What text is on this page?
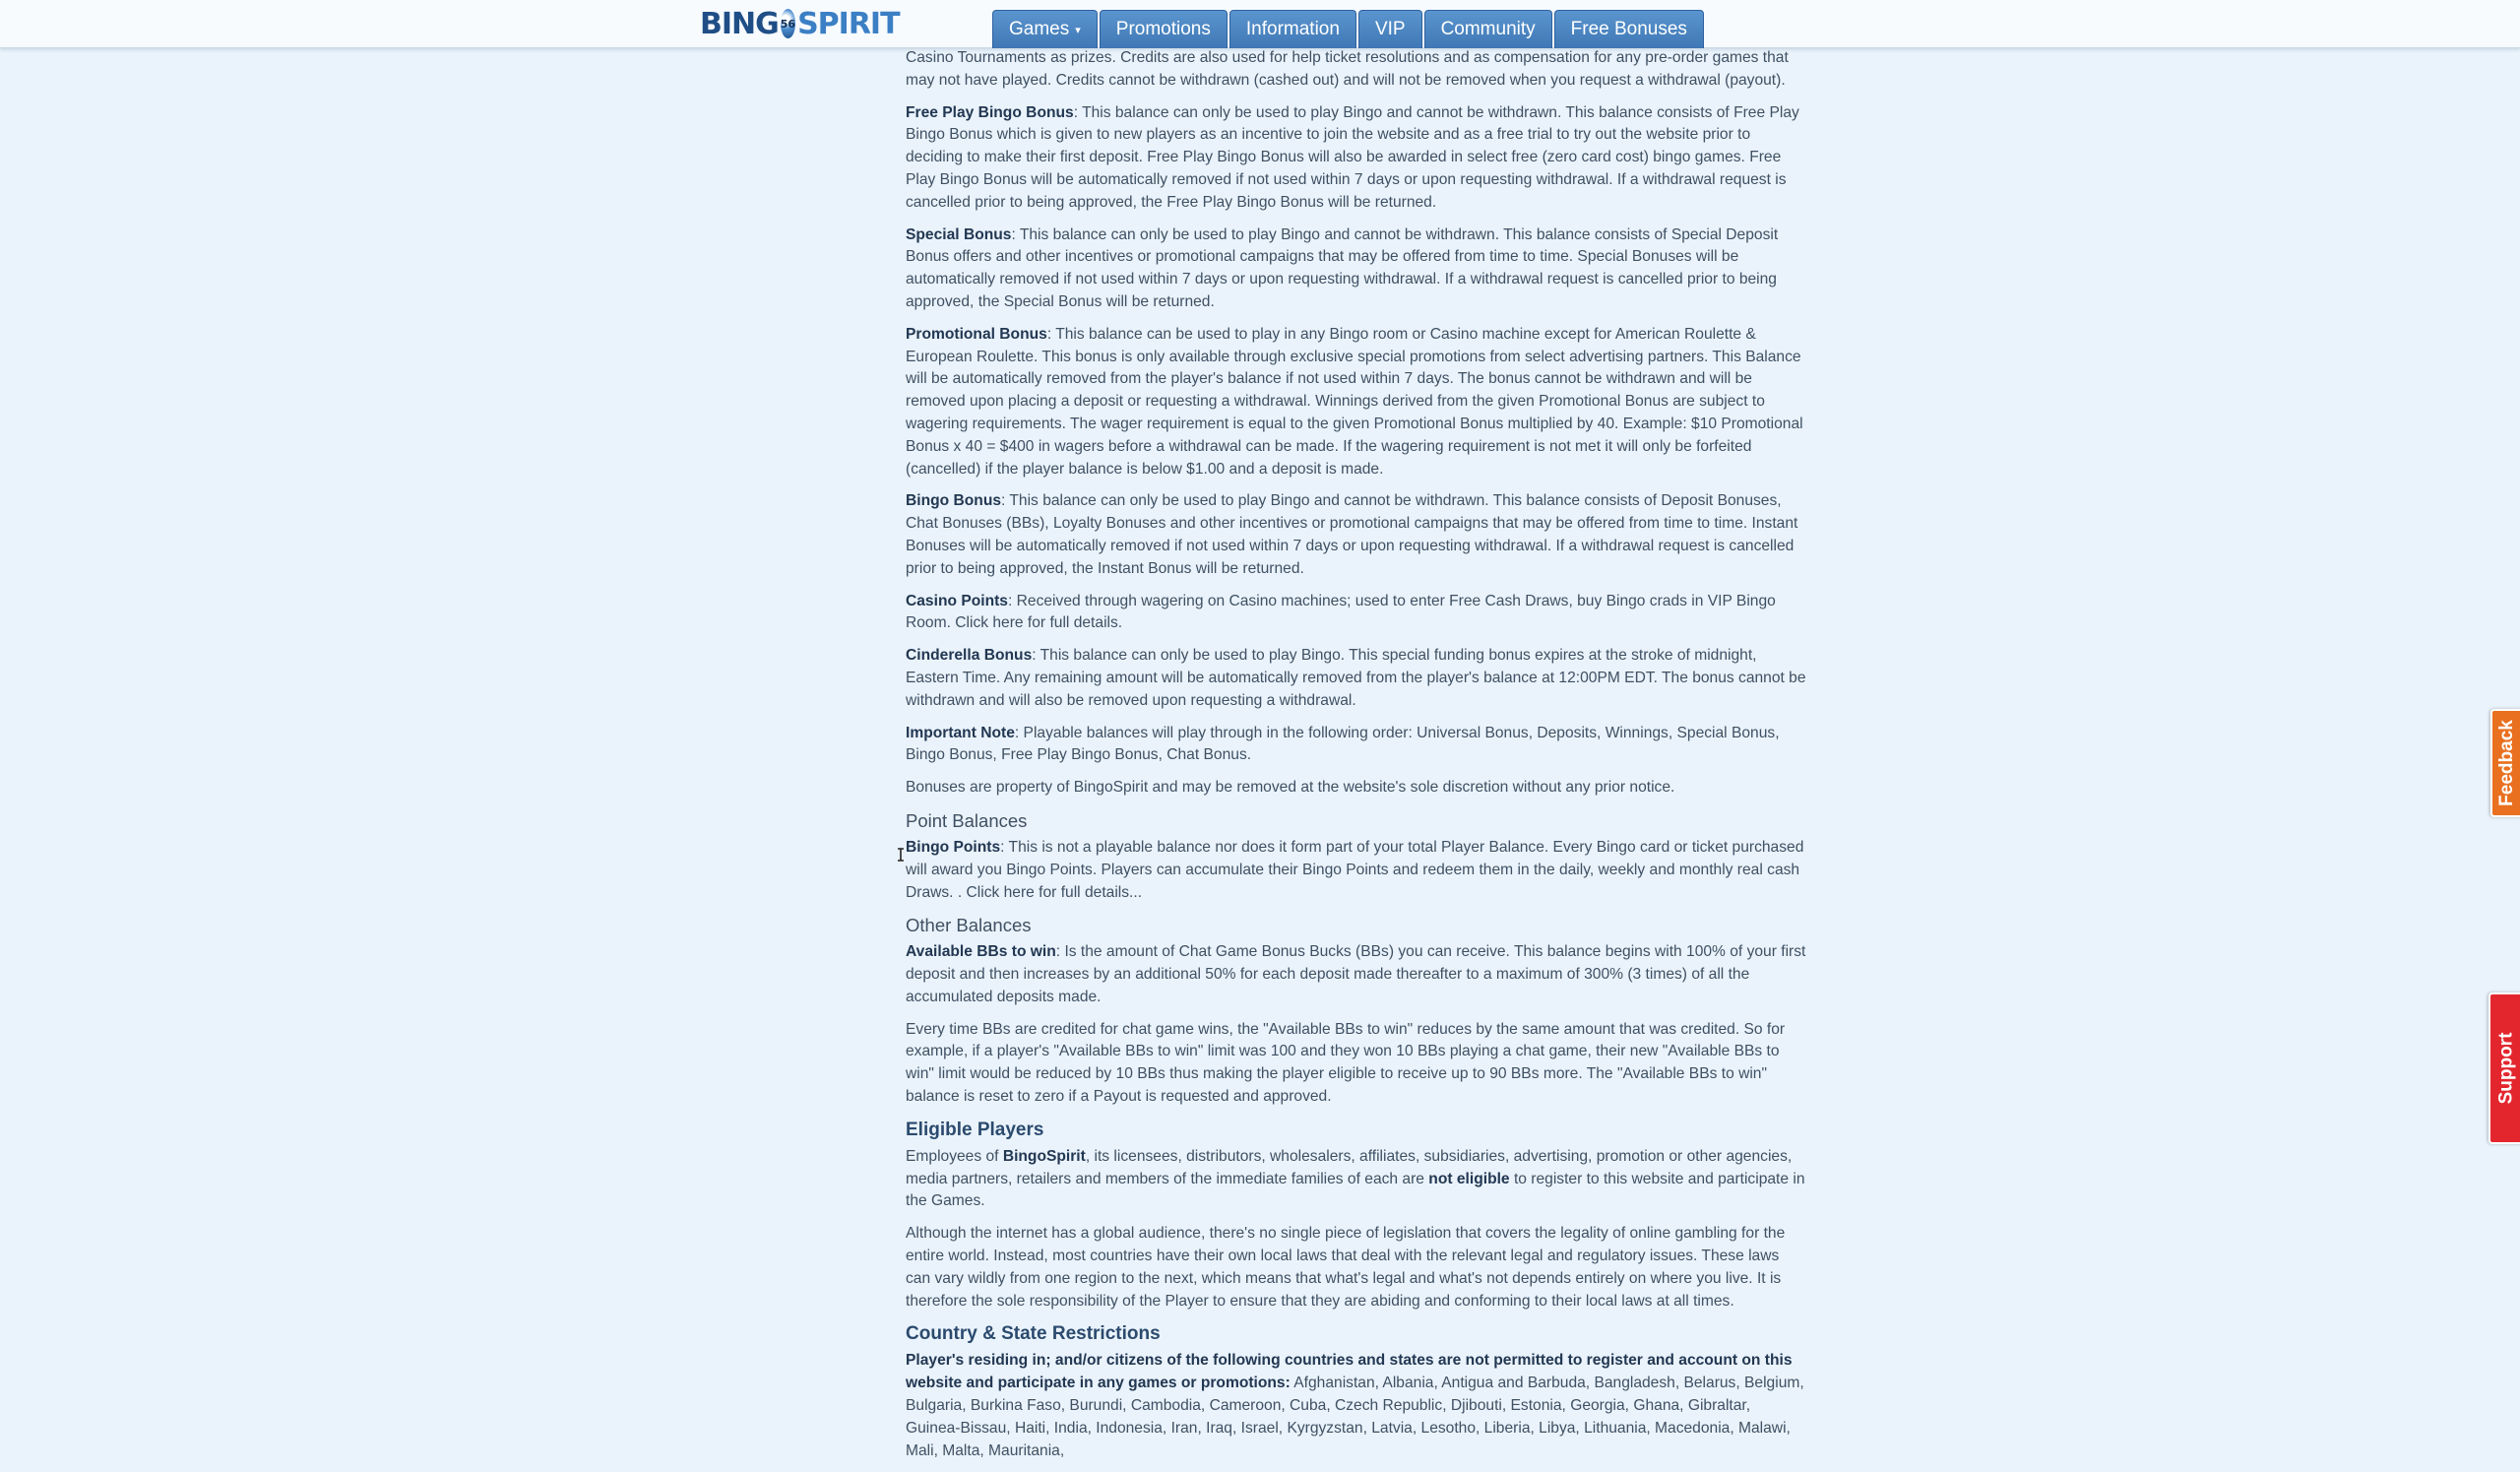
BING 56 SPIRIT	Games ▾	Promotions	Information	VIP	Community	Free Bonuses

Casino Tournaments as prizes. Credits are also used for help ticket resolutions and as compensation for any pre-order games that may not have played. Credits cannot be withdrawn (cashed out) and will not be removed when you request a withdrawal (payout).

Free Play Bingo Bonus: This balance can only be used to play Bingo and cannot be withdrawn. This balance consists of Free Play Bingo Bonus which is given to new players as an incentive to join the website and as a free trial to try out the website prior to deciding to make their first deposit. Free Play Bingo Bonus will also be awarded in select free (zero card cost) bingo games. Free Play Bingo Bonus will be automatically removed if not used within 7 days or upon requesting withdrawal. If a withdrawal request is cancelled prior to being approved, the Free Play Bingo Bonus will be returned.

Special Bonus: This balance can only be used to play Bingo and cannot be withdrawn. This balance consists of Special Deposit Bonus offers and other incentives or promotional campaigns that may be offered from time to time. Special Bonuses will be automatically removed if not used within 7 days or upon requesting withdrawal. If a withdrawal request is cancelled prior to being approved, the Special Bonus will be returned.

Promotional Bonus: This balance can be used to play in any Bingo room or Casino machine except for American Roulette & European Roulette. This bonus is only available through exclusive special promotions from select advertising partners. This Balance will be automatically removed from the player's balance if not used within 7 days. The bonus cannot be withdrawn and will be removed upon placing a deposit or requesting a withdrawal. Winnings derived from the given Promotional Bonus are subject to wagering requirements. The wager requirement is equal to the given Promotional Bonus multiplied by 40. Example: $10 Promotional Bonus x 40 = $400 in wagers before a withdrawal can be made. If the wagering requirement is not met it will only be forfeited (cancelled) if the player balance is below $1.00 and a deposit is made.

Bingo Bonus: This balance can only be used to play Bingo and cannot be withdrawn. This balance consists of Deposit Bonuses, Chat Bonuses (BBs), Loyalty Bonuses and other incentives or promotional campaigns that may be offered from time to time. Instant Bonuses will be automatically removed if not used within 7 days or upon requesting withdrawal. If a withdrawal request is cancelled prior to being approved, the Instant Bonus will be returned.

Casino Points: Received through wagering on Casino machines; used to enter Free Cash Draws, buy Bingo crads in VIP Bingo Room. Click here for full details.

Cinderella Bonus: This balance can only be used to play Bingo. This special funding bonus expires at the stroke of midnight, Eastern Time. Any remaining amount will be automatically removed from the player's balance at 12:00PM EDT. The bonus cannot be withdrawn and will also be removed upon requesting a withdrawal.

Important Note: Playable balances will play through in the following order: Universal Bonus, Deposits, Winnings, Special Bonus, Bingo Bonus, Free Play Bingo Bonus, Chat Bonus.

Bonuses are property of BingoSpirit and may be removed at the website's sole discretion without any prior notice.

Point Balances

Bingo Points: This is not a playable balance nor does it form part of your total Player Balance. Every Bingo card or ticket purchased will award you Bingo Points. Players can accumulate their Bingo Points and redeem them in the daily, weekly and monthly real cash Draws. . Click here for full details...

Other Balances

Available BBs to win: Is the amount of Chat Game Bonus Bucks (BBs) you can receive. This balance begins with 100% of your first deposit and then increases by an additional 50% for each deposit made thereafter to a maximum of 300% (3 times) of all the accumulated deposits made.

Every time BBs are credited for chat game wins, the "Available BBs to win" reduces by the same amount that was credited. So for example, if a player's "Available BBs to win" limit was 100 and they won 10 BBs playing a chat game, their new "Available BBs to win" limit would be reduced by 10 BBs thus making the player eligible to receive up to 90 BBs more. The "Available BBs to win" balance is reset to zero if a Payout is requested and approved.

Eligible Players

Employees of BingoSpirit, its licensees, distributors, wholesalers, affiliates, subsidiaries, advertising, promotion or other agencies, media partners, retailers and members of the immediate families of each are not eligible to register to this website and participate in the Games.

Although the internet has a global audience, there's no single piece of legislation that covers the legality of online gambling for the entire world. Instead, most countries have their own local laws that deal with the relevant legal and regulatory issues. These laws can vary wildly from one region to the next, which means that what's legal and what's not depends entirely on where you live. It is therefore the sole responsibility of the Player to ensure that they are abiding and conforming to their local laws at all times.

Country & State Restrictions

Player's residing in; and/or citizens of the following countries and states are not permitted to register and account on this website and participate in any games or promotions: Afghanistan, Albania, Antigua and Barbuda, Bangladesh, Belarus, Belgium, Bulgaria, Burkina Faso, Burundi, Cambodia, Cameroon, Cuba, Czech Republic, Djibouti, Estonia, Georgia, Ghana, Gibraltar, Guinea-Bissau, Haiti, India, Indonesia, Iran, Iraq, Israel, Kyrgyzstan, Latvia, Lesotho, Liberia, Libya, Lithuania, Macedonia, Malawi, Mali, Malta, Mauritania,

Feedback
Support
